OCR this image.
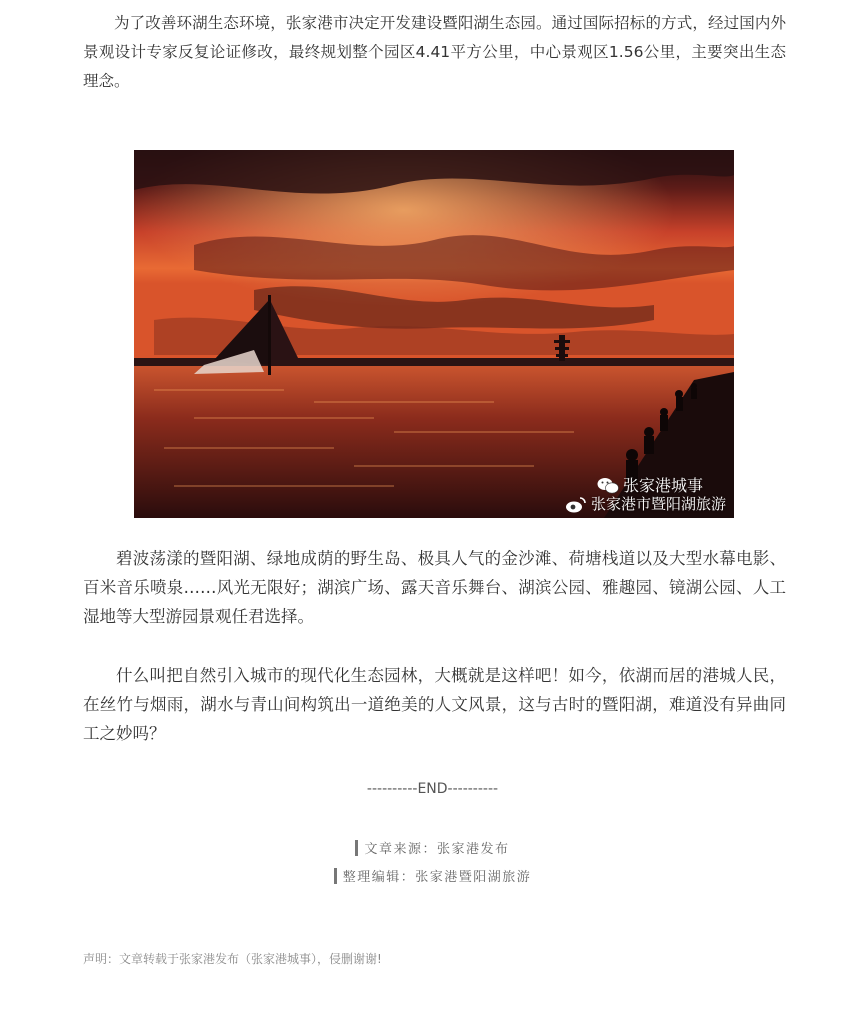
为了改善环湖生态环境，张家港市决定开发建设暨阳湖生态园。通过国际招标的方式，经过国内外景观设计专家反复论证修改，最终规划整个园区4.41平方公里，中心景观区1.56公里，主要突出生态理念。

碧波荡漾的暨阳湖、绿地成荫的野生岛、极具人气的金沙滩、荷塘栈道以及大型水幕电影、百米音乐喷泉……风光无限好；湖滨广场、露天音乐舞台、湖滨公园、雅趣园、镜湖公园、人工湿地等大型游园景观任君选择。

什么叫把自然引入城市的现代化生态园林，大概就是这样吧！如今，依湖而居的港城人民，在丝竹与烟雨，湖水与青山间构筑出一道绝美的人文风景，这与古时的暨阳湖，难道没有异曲同工之妙吗？

张家港城事
张家港市暨阳湖旅游
----------END----------
文章来源：张家港发布
整理编辑：张家港暨阳湖旅游
声明：文章转载于张家港发布（张家港城事），侵删谢谢!
